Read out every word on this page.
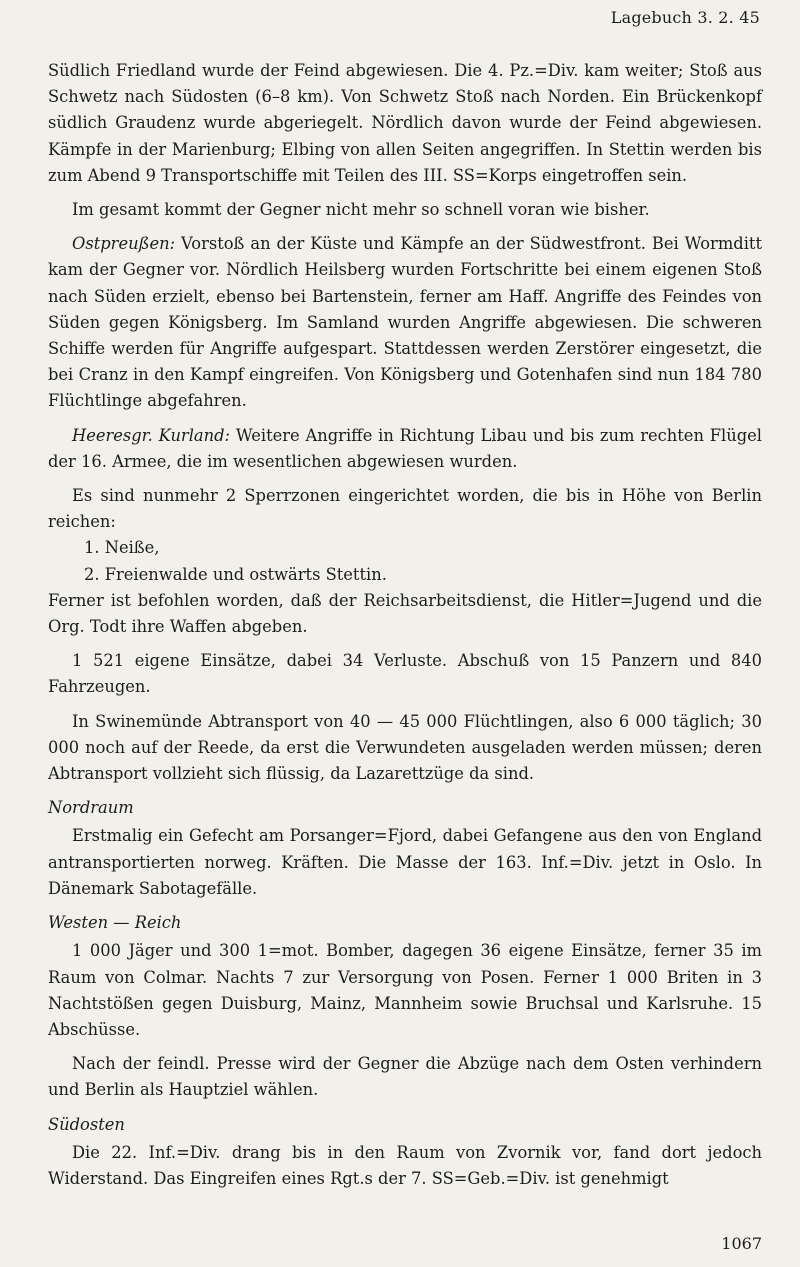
Lagebuch 3. 2. 45

Südlich Friedland wurde der Feind abgewiesen. Die 4. Pz.=Div. kam weiter; Stoß aus Schwetz nach Südosten (6–8 km). Von Schwetz Stoß nach Norden. Ein Brückenkopf südlich Graudenz wurde abgeriegelt. Nördlich davon wurde der Feind abgewiesen. Kämpfe in der Marienburg; Elbing von allen Seiten angegriffen. In Stettin werden bis zum Abend 9 Transportschiffe mit Teilen des III. SS=Korps eingetroffen sein.

Im gesamt kommt der Gegner nicht mehr so schnell voran wie bisher.

Ostpreußen: Vorstoß an der Küste und Kämpfe an der Südwestfront. Bei Wormditt kam der Gegner vor. Nördlich Heilsberg wurden Fortschritte bei einem eigenen Stoß nach Süden erzielt, ebenso bei Bartenstein, ferner am Haff. Angriffe des Feindes von Süden gegen Königsberg. Im Samland wurden Angriffe abgewiesen. Die schweren Schiffe werden für Angriffe aufgespart. Stattdessen werden Zerstörer eingesetzt, die bei Cranz in den Kampf eingreifen. Von Königsberg und Gotenhafen sind nun 184 780 Flüchtlinge abgefahren.

Heeresgr. Kurland: Weitere Angriffe in Richtung Libau und bis zum rechten Flügel der 16. Armee, die im wesentlichen abgewiesen wurden.

Es sind nunmehr 2 Sperrzonen eingerichtet worden, die bis in Höhe von Berlin reichen:

1. Neiße,

2. Freienwalde und ostwärts Stettin.

Ferner ist befohlen worden, daß der Reichsarbeitsdienst, die Hitler=Jugend und die Org. Todt ihre Waffen abgeben.

1 521 eigene Einsätze, dabei 34 Verluste. Abschuß von 15 Panzern und 840 Fahrzeugen.

In Swinemünde Abtransport von 40 — 45 000 Flüchtlingen, also 6 000 täglich; 30 000 noch auf der Reede, da erst die Verwundeten ausgeladen werden müssen; deren Abtransport vollzieht sich flüssig, da Lazarettzüge da sind.

Nordraum

Erstmalig ein Gefecht am Porsanger=Fjord, dabei Gefangene aus den von England antransportierten norweg. Kräften. Die Masse der 163. Inf.=Div. jetzt in Oslo. In Dänemark Sabotagefälle.

Westen — Reich

1 000 Jäger und 300 1=mot. Bomber, dagegen 36 eigene Einsätze, ferner 35 im Raum von Colmar. Nachts 7 zur Versorgung von Posen. Ferner 1 000 Briten in 3 Nachtstößen gegen Duisburg, Mainz, Mannheim sowie Bruchsal und Karlsruhe. 15 Abschüsse.

Nach der feindl. Presse wird der Gegner die Abzüge nach dem Osten verhindern und Berlin als Hauptziel wählen.

Südosten

Die 22. Inf.=Div. drang bis in den Raum von Zvornik vor, fand dort jedoch Widerstand. Das Eingreifen eines Rgt.s der 7. SS=Geb.=Div. ist genehmigt

1067
